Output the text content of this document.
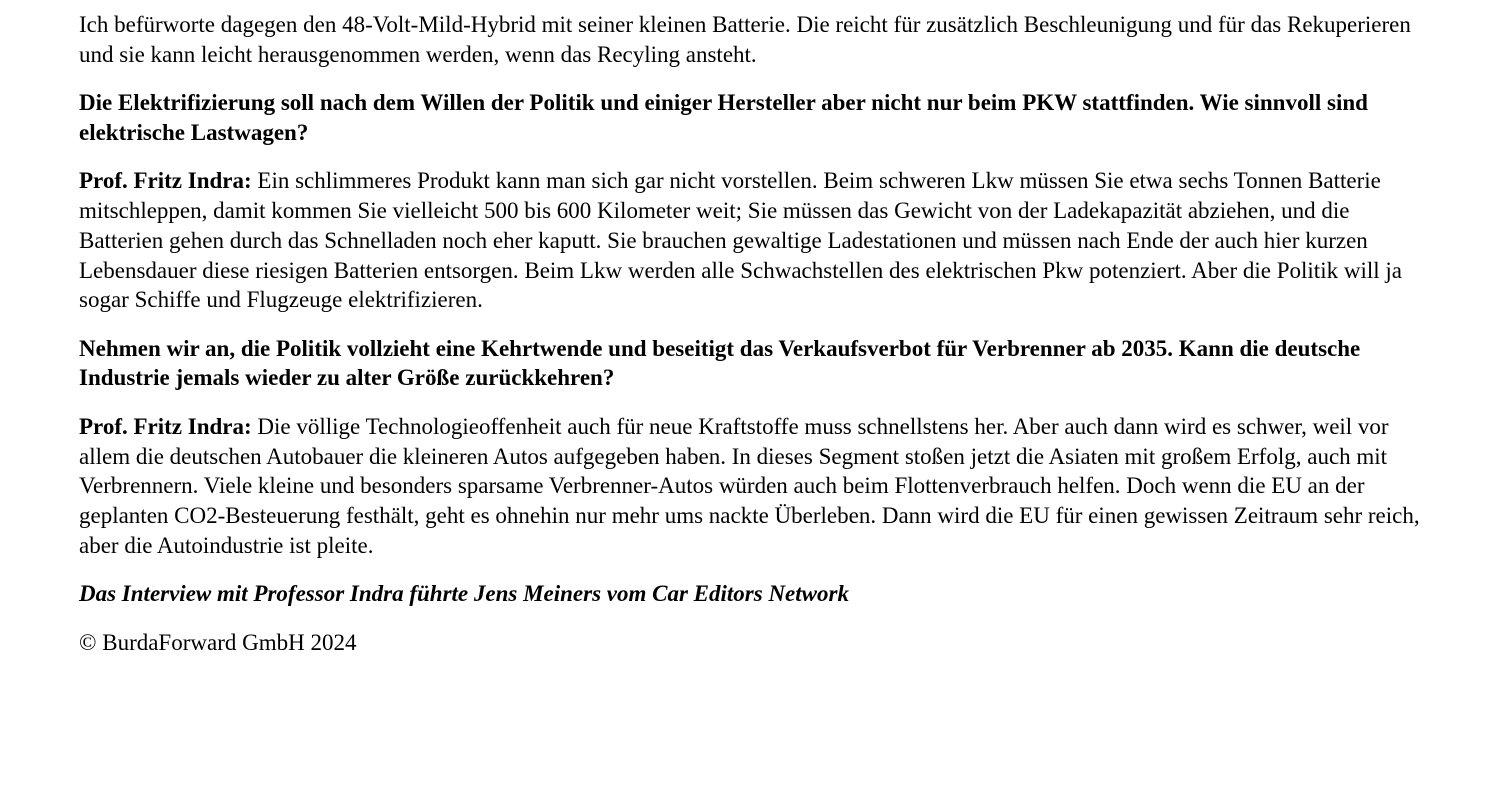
Ich befürworte dagegen den 48-Volt-Mild-Hybrid mit seiner kleinen Batterie. Die reicht für zusätzlich Beschleunigung und für das Rekuperieren und sie kann leicht herausgenommen werden, wenn das Recyling ansteht.

Die Elektrifizierung soll nach dem Willen der Politik und einiger Hersteller aber nicht nur beim PKW stattfinden. Wie sinnvoll sind elektrische Lastwagen?

Prof. Fritz Indra: Ein schlimmeres Produkt kann man sich gar nicht vorstellen. Beim schweren Lkw müssen Sie etwa sechs Tonnen Batterie mitschleppen, damit kommen Sie vielleicht 500 bis 600 Kilometer weit; Sie müssen das Gewicht von der Ladekapazität abziehen, und die Batterien gehen durch das Schnelladen noch eher kaputt. Sie brauchen gewaltige Ladestationen und müssen nach Ende der auch hier kurzen Lebensdauer diese riesigen Batterien entsorgen. Beim Lkw werden alle Schwachstellen des elektrischen Pkw potenziert. Aber die Politik will ja sogar Schiffe und Flugzeuge elektrifizieren.

Nehmen wir an, die Politik vollzieht eine Kehrtwende und beseitigt das Verkaufsverbot für Verbrenner ab 2035. Kann die deutsche Industrie jemals wieder zu alter Größe zurückkehren?

Prof. Fritz Indra: Die völlige Technologieoffenheit auch für neue Kraftstoffe muss schnellstens her. Aber auch dann wird es schwer, weil vor allem die deutschen Autobauer die kleineren Autos aufgegeben haben. In dieses Segment stoßen jetzt die Asiaten mit großem Erfolg, auch mit Verbrennern. Viele kleine und besonders sparsame Verbrenner-Autos würden auch beim Flottenverbrauch helfen. Doch wenn die EU an der geplanten CO2-Besteuerung festhält, geht es ohnehin nur mehr ums nackte Überleben. Dann wird die EU für einen gewissen Zeitraum sehr reich, aber die Autoindustrie ist pleite.

Das Interview mit Professor Indra führte Jens Meiners vom Car Editors Network

© BurdaForward GmbH 2024
